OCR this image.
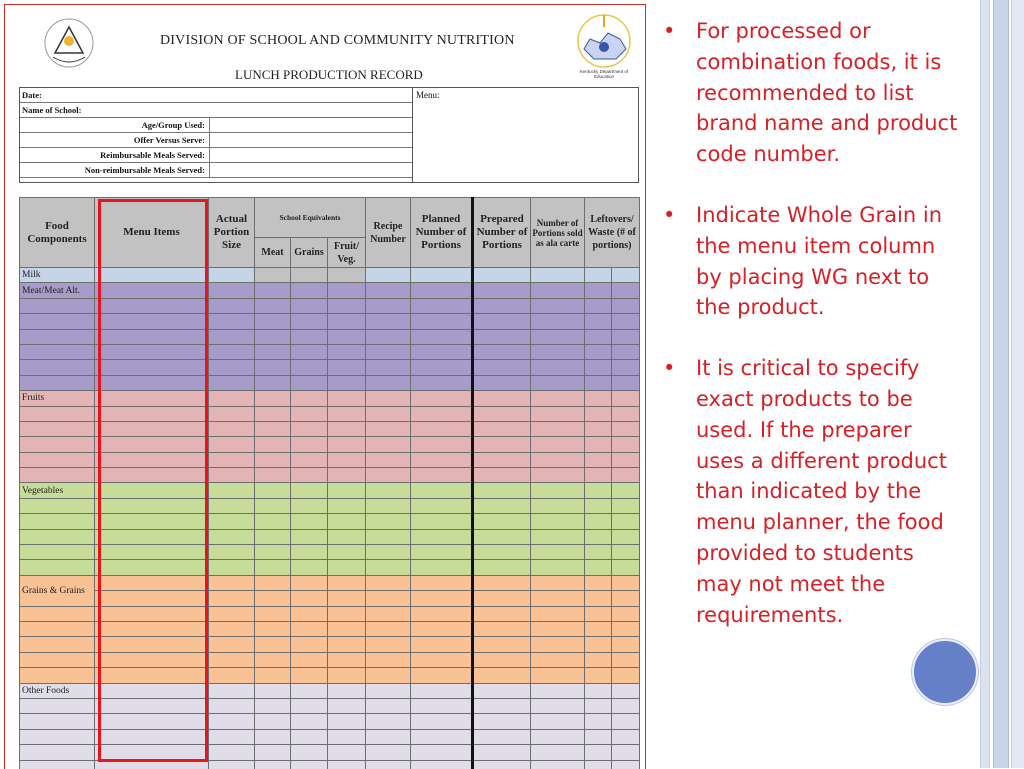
DIVISION OF SCHOOL AND COMMUNITY NUTRITION
LUNCH PRODUCTION RECORD	Kentucky Department of Education
Date:
Name of School:
Age/Group Used:
Offer Versus Serve:
Reimbursable Meals Served:
Non-reimbursable Meals Served:
Menu:
Food Components	Menu Items	Actual Portion Size	School Equivalents			Recipe Number	Planned Number of Portions	Prepared Number of Portions	Number of Portions sold as ala carte	Leftovers/ Waste (# of portions)	
			Meat	Grains	Fruit/ Veg.						
Milk											
Meat/Meat Alt.											

Fruits											

Vegetables											

Grains & Grains											

Other Foods											

• For processed or combination foods, it is recommended to list brand name and product code number.
• Indicate Whole Grain in the menu item column by placing WG next to the product.
• It is critical to specify exact products to be used. If the preparer uses a different product than indicated by the menu planner, the food provided to students may not meet the requirements.
